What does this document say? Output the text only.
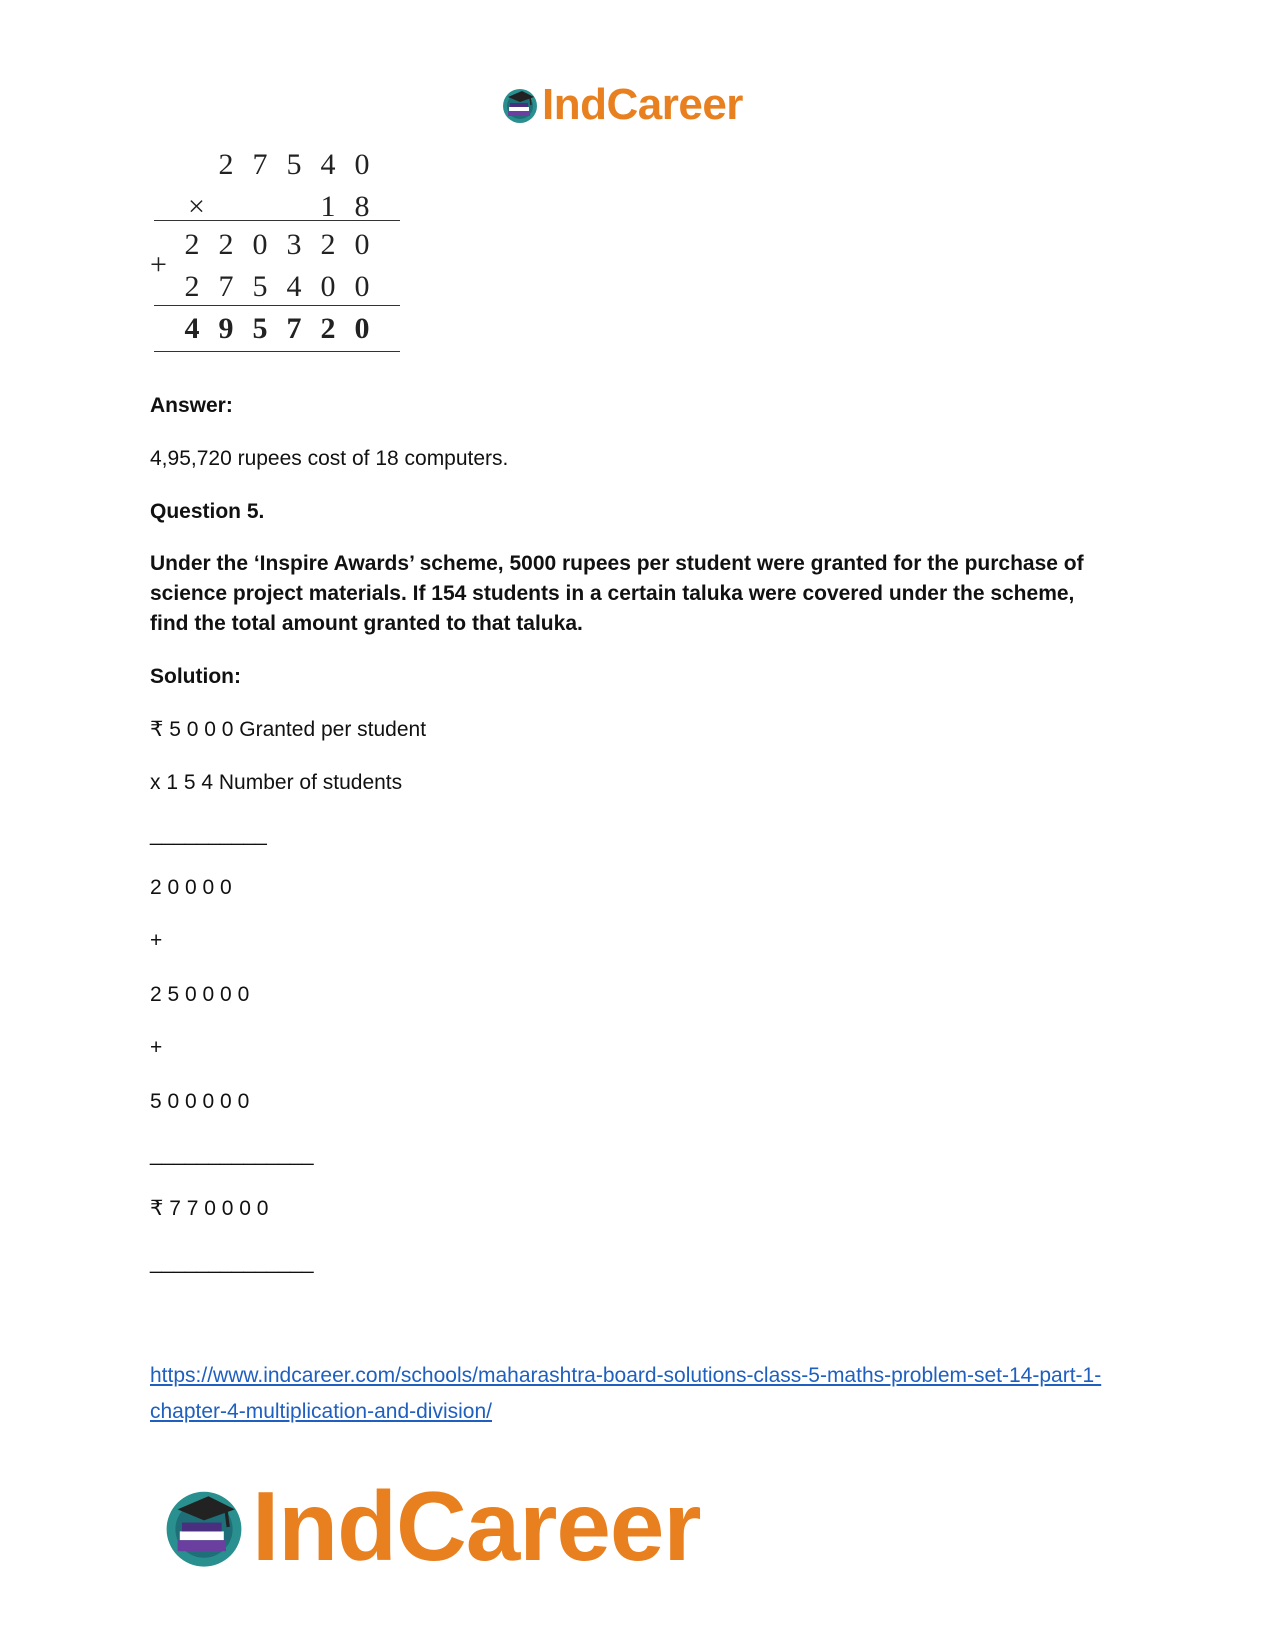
IndCareer
2 7 5 4 0
×	1 8
+
2 2 0 3 2 0
2 7 5 4 0 0
4 9 5 7 2 0

Answer:

4,95,720 rupees cost of 18 computers.

Question 5.

Under the ‘Inspire Awards’ scheme, 5000 rupees per student were granted for the purchase of science project materials. If 154 students in a certain taluka were covered under the scheme, find the total amount granted to that taluka.

Solution:

₹ 5 0 0 0 Granted per student

x 1 5 4 Number of students

__________

2 0 0 0 0

+

2 5 0 0 0 0

+

5 0 0 0 0 0

______________

₹ 7 7 0 0 0 0

______________

https://www.indcareer.com/schools/maharashtra-board-solutions-class-5-maths-problem-set-14-part-1-chapter-4-multiplication-and-division/
IndCareer
